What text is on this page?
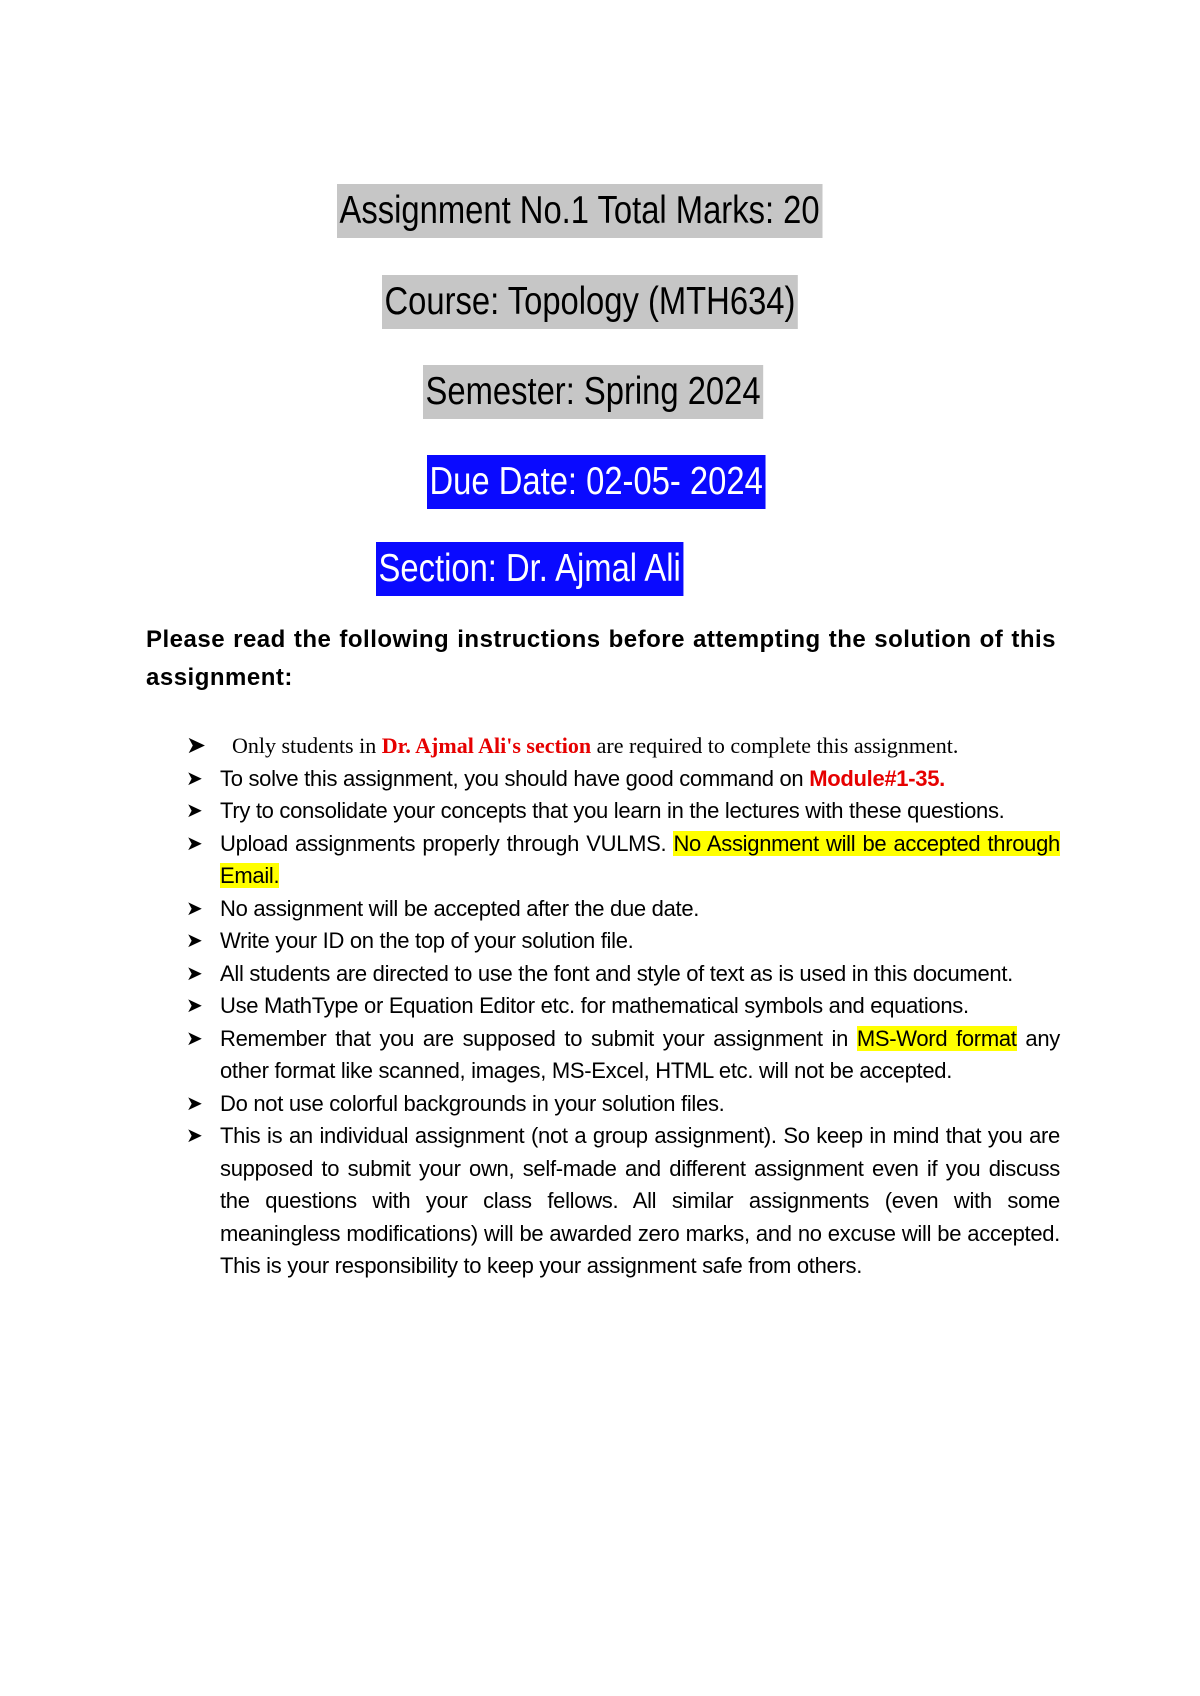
Assignment No.1 Total Marks: 20
Course: Topology (MTH634)
Semester: Spring 2024
Due Date: 02-05- 2024
Section: Dr. Ajmal Ali
Please read the following instructions before attempting the solution of this assignment:
➤ Only students in Dr. Ajmal Ali's section are required to complete this assignment.
➤ To solve this assignment, you should have good command on Module#1-35.
➤ Try to consolidate your concepts that you learn in the lectures with these questions.
➤ Upload assignments properly through VULMS. No Assignment will be accepted through Email.
➤ No assignment will be accepted after the due date.
➤ Write your ID on the top of your solution file.
➤ All students are directed to use the font and style of text as is used in this document.
➤ Use MathType or Equation Editor etc. for mathematical symbols and equations.
➤ Remember that you are supposed to submit your assignment in MS-Word format any other format like scanned, images, MS-Excel, HTML etc. will not be accepted.
➤ Do not use colorful backgrounds in your solution files.
➤ This is an individual assignment (not a group assignment). So keep in mind that you are supposed to submit your own, self-made and different assignment even if you discuss the questions with your class fellows. All similar assignments (even with some meaningless modifications) will be awarded zero marks, and no excuse will be accepted. This is your responsibility to keep your assignment safe from others.
